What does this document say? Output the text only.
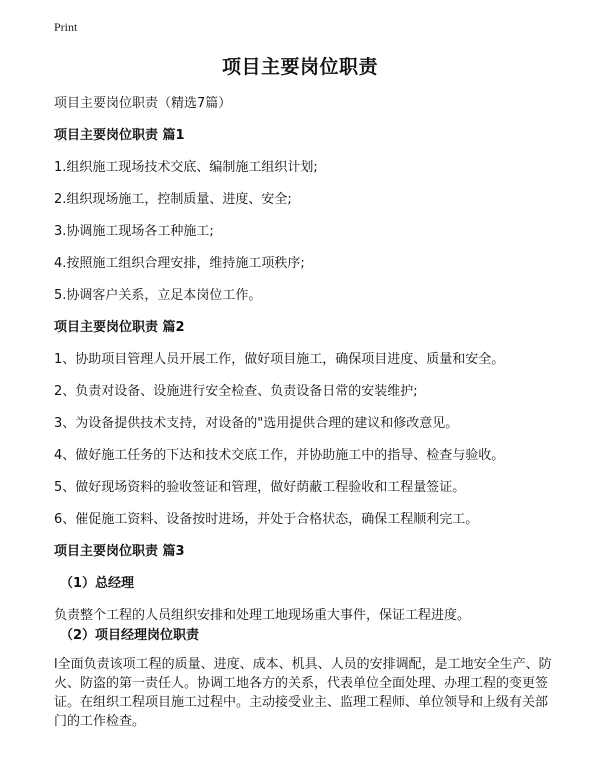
Print
项目主要岗位职责
项目主要岗位职责（精选7篇）
项目主要岗位职责 篇1
1.组织施工现场技术交底、编制施工组织计划;
2.组织现场施工，控制质量、进度、安全;
3.协调施工现场各工种施工;
4.按照施工组织合理安排，维持施工项秩序;
5.协调客户关系，立足本岗位工作。
项目主要岗位职责 篇2
1、协助项目管理人员开展工作，做好项目施工，确保项目进度、质量和安全。
2、负责对设备、设施进行安全检查、负责设备日常的安装维护;
3、为设备提供技术支持，对设备的"选用提供合理的建议和修改意见。
4、做好施工任务的下达和技术交底工作，并协助施工中的指导、检查与验收。
5、做好现场资料的验收签证和管理，做好荫蔽工程验收和工程量签证。
6、催促施工资料、设备按时进场，并处于合格状态，确保工程顺利完工。
项目主要岗位职责 篇3
（1）总经理
负责整个工程的人员组织安排和处理工地现场重大事件，保证工程进度。
（2）项目经理岗位职责
l全面负责该项工程的质量、进度、成本、机具、人员的安排调配，是工地安全生产、防火、防盗的第一责任人。协调工地各方的关系，代表单位全面处理、办理工程的变更签证。在组织工程项目施工过程中。主动接受业主、监理工程师、单位领导和上级有关部门的工作检查。
